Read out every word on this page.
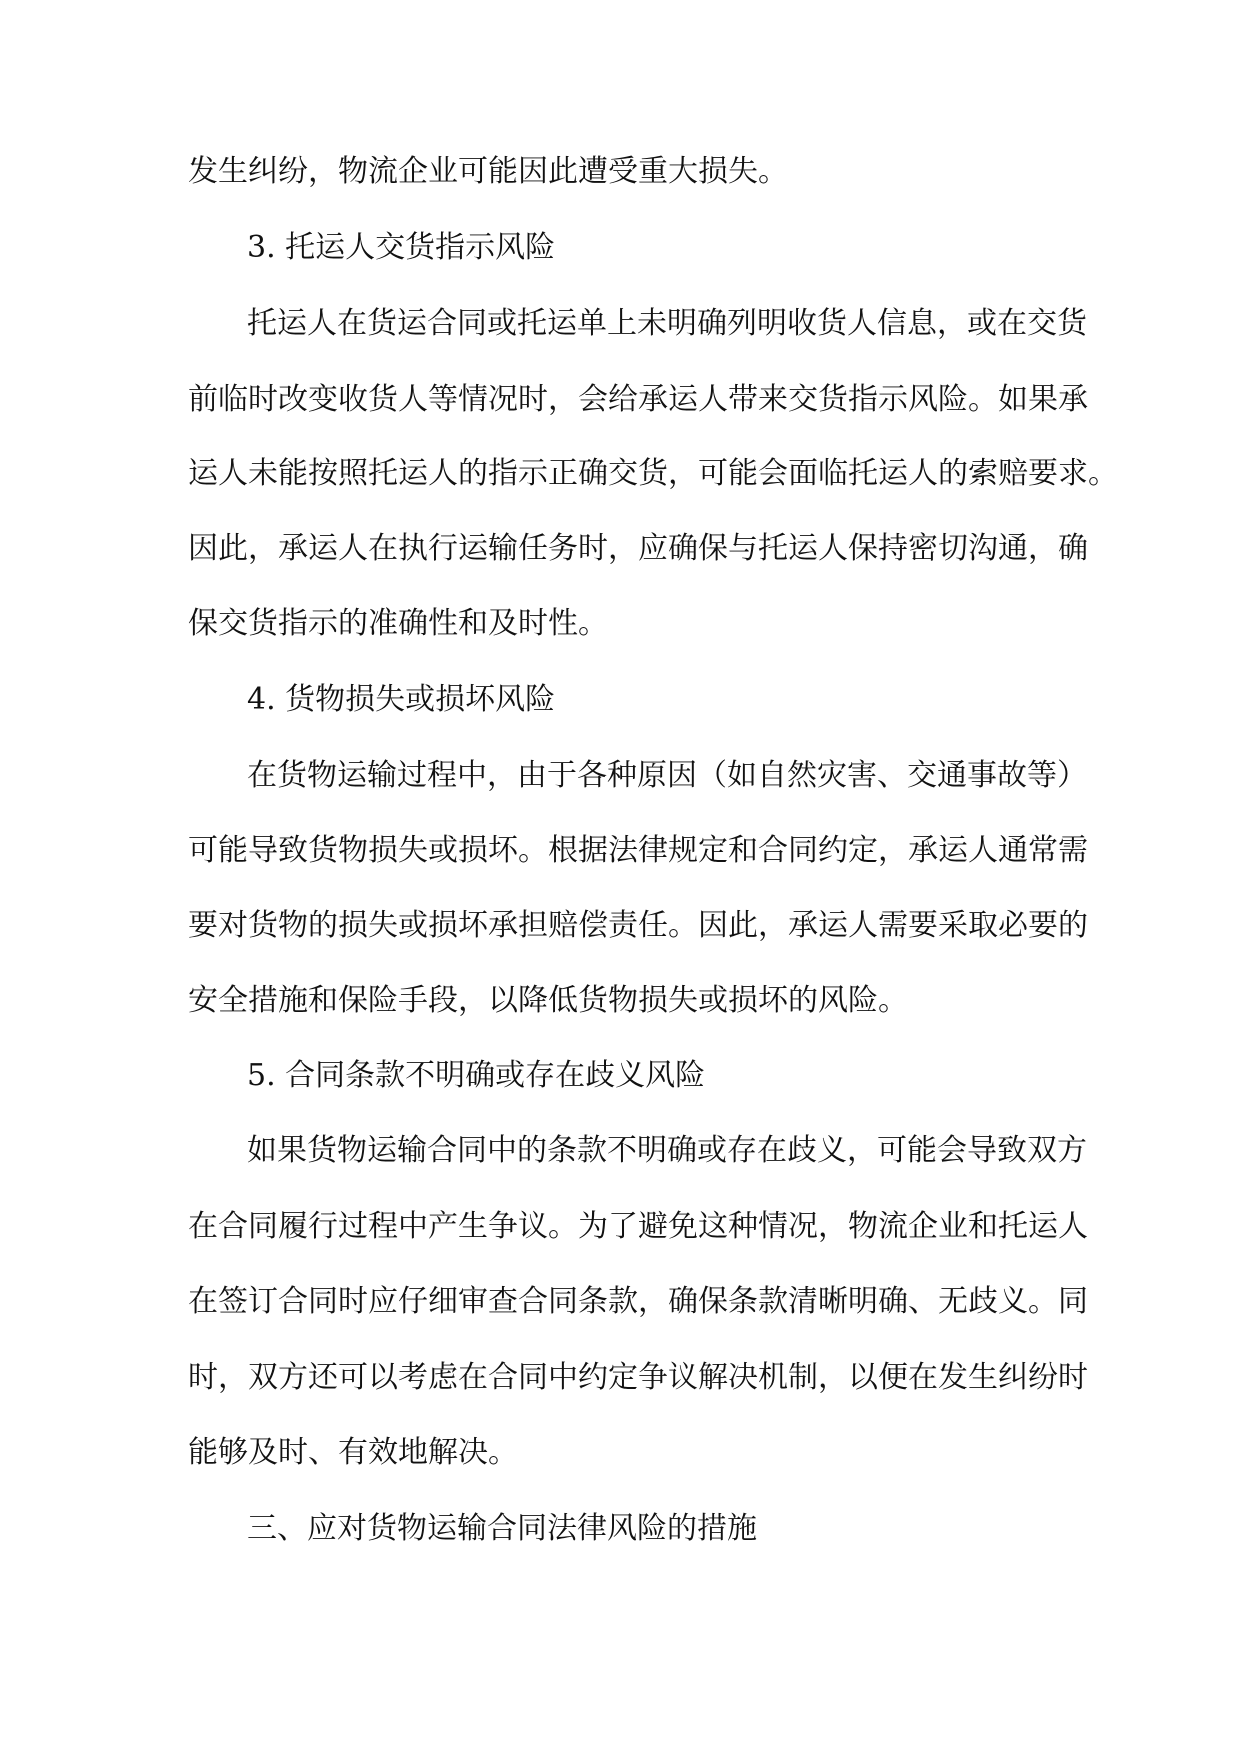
发生纠纷，物流企业可能因此遭受重大损失。
3. 托运人交货指示风险
托运人在货运合同或托运单上未明确列明收货人信息，或在交货
前临时改变收货人等情况时，会给承运人带来交货指示风险。如果承
运人未能按照托运人的指示正确交货，可能会面临托运人的索赔要求。
因此，承运人在执行运输任务时，应确保与托运人保持密切沟通，确
保交货指示的准确性和及时性。
4. 货物损失或损坏风险
在货物运输过程中，由于各种原因（如自然灾害、交通事故等）
可能导致货物损失或损坏。根据法律规定和合同约定，承运人通常需
要对货物的损失或损坏承担赔偿责任。因此，承运人需要采取必要的
安全措施和保险手段，以降低货物损失或损坏的风险。
5. 合同条款不明确或存在歧义风险
如果货物运输合同中的条款不明确或存在歧义，可能会导致双方
在合同履行过程中产生争议。为了避免这种情况，物流企业和托运人
在签订合同时应仔细审查合同条款，确保条款清晰明确、无歧义。同
时，双方还可以考虑在合同中约定争议解决机制，以便在发生纠纷时
能够及时、有效地解决。
三、应对货物运输合同法律风险的措施
